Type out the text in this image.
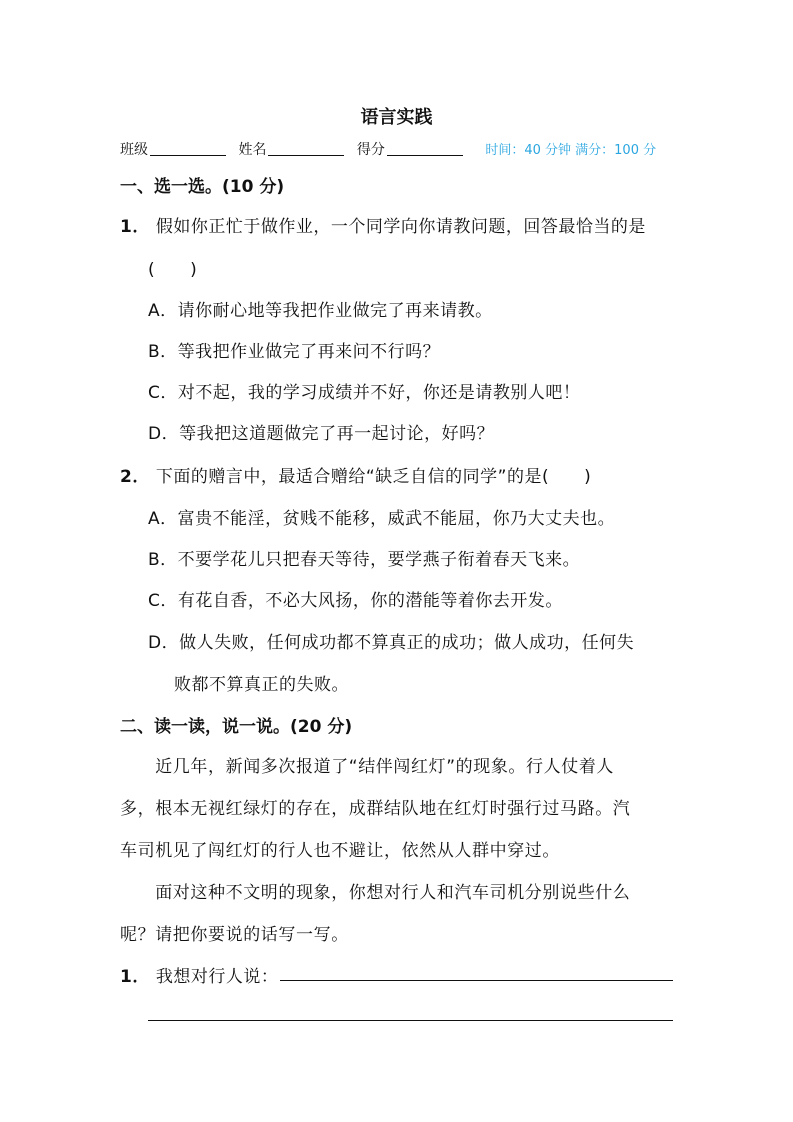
语言实践
班级	姓名	得分	时间：40 分钟 满分：100 分
一、选一选。(10 分)
1． 假如你正忙于做作业，一个同学向你请教问题，回答最恰当的是
(　　)
A．请你耐心地等我把作业做完了再来请教。
B．等我把作业做完了再来问不行吗？
C．对不起，我的学习成绩并不好，你还是请教别人吧！
D．等我把这道题做完了再一起讨论，好吗？
2． 下面的赠言中，最适合赠给“缺乏自信的同学”的是(　　)
A．富贵不能淫，贫贱不能移，威武不能屈，你乃大丈夫也。
B．不要学花儿只把春天等待，要学燕子衔着春天飞来。
C．有花自香，不必大风扬，你的潜能等着你去开发。
D．做人失败，任何成功都不算真正的成功；做人成功，任何失
败都不算真正的失败。
二、读一读，说一说。(20 分)
　　近几年，新闻多次报道了“结伴闯红灯”的现象。行人仗着人
多，根本无视红绿灯的存在，成群结队地在红灯时强行过马路。汽
车司机见了闯红灯的行人也不避让，依然从人群中穿过。
　　面对这种不文明的现象，你想对行人和汽车司机分别说些什么
呢？请把你要说的话写一写。
1． 我想对行人说：
